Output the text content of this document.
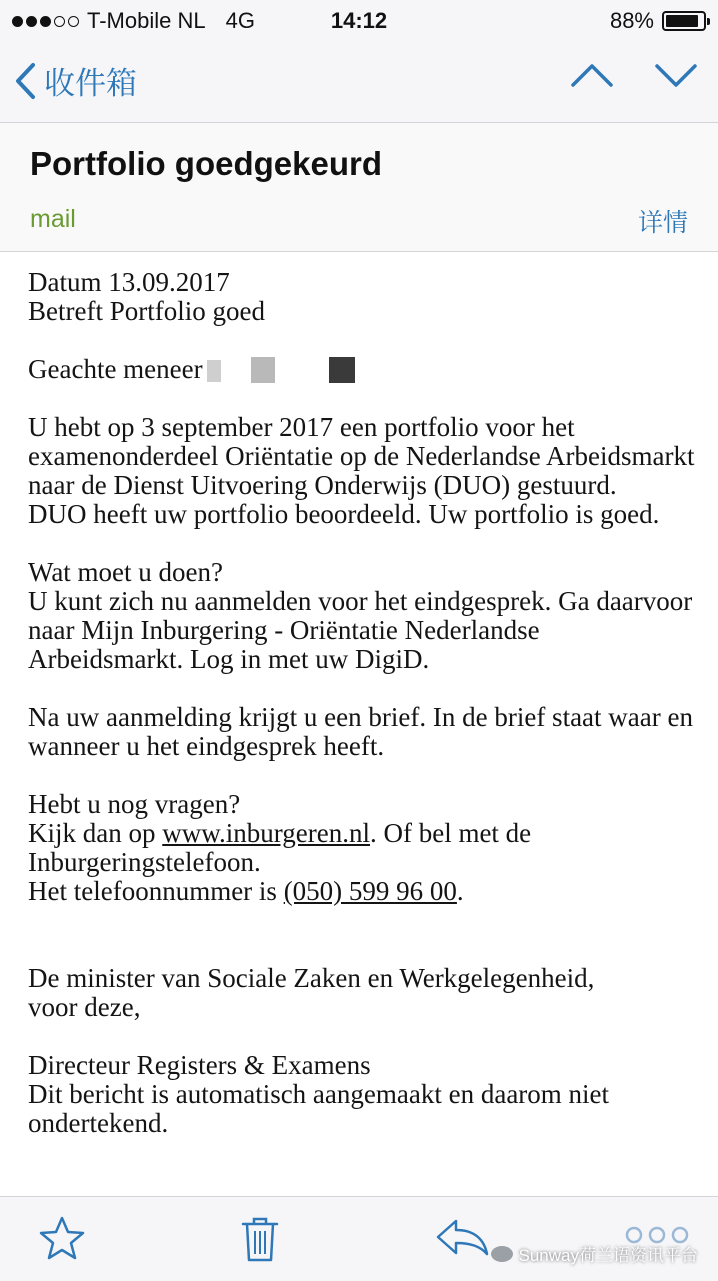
T-Mobile NL 4G	14:12	88%
收件箱
Portfolio goedgekeurd
mail	详情

Datum 13.09.2017

Betreft Portfolio goed

Geachte meneer

U hebt op 3 september 2017 een portfolio voor het examenonderdeel Oriëntatie op de Nederlandse Arbeidsmarkt naar de Dienst Uitvoering Onderwijs (DUO) gestuurd.

DUO heeft uw portfolio beoordeeld. Uw portfolio is goed.

Wat moet u doen?

U kunt zich nu aanmelden voor het eindgesprek. Ga daarvoor naar Mijn Inburgering - Oriëntatie Nederlandse Arbeidsmarkt. Log in met uw DigiD.

Na uw aanmelding krijgt u een brief. In de brief staat waar en wanneer u het eindgesprek heeft.

Hebt u nog vragen?

Kijk dan op www.inburgeren.nl. Of bel met de Inburgeringstelefoon.

Het telefoonnummer is (050) 599 96 00.

De minister van Sociale Zaken en Werkgelegenheid,

voor deze,

Directeur Registers & Examens

Dit bericht is automatisch aangemaakt en daarom niet ondertekend.

Sunway荷兰语资讯平台
